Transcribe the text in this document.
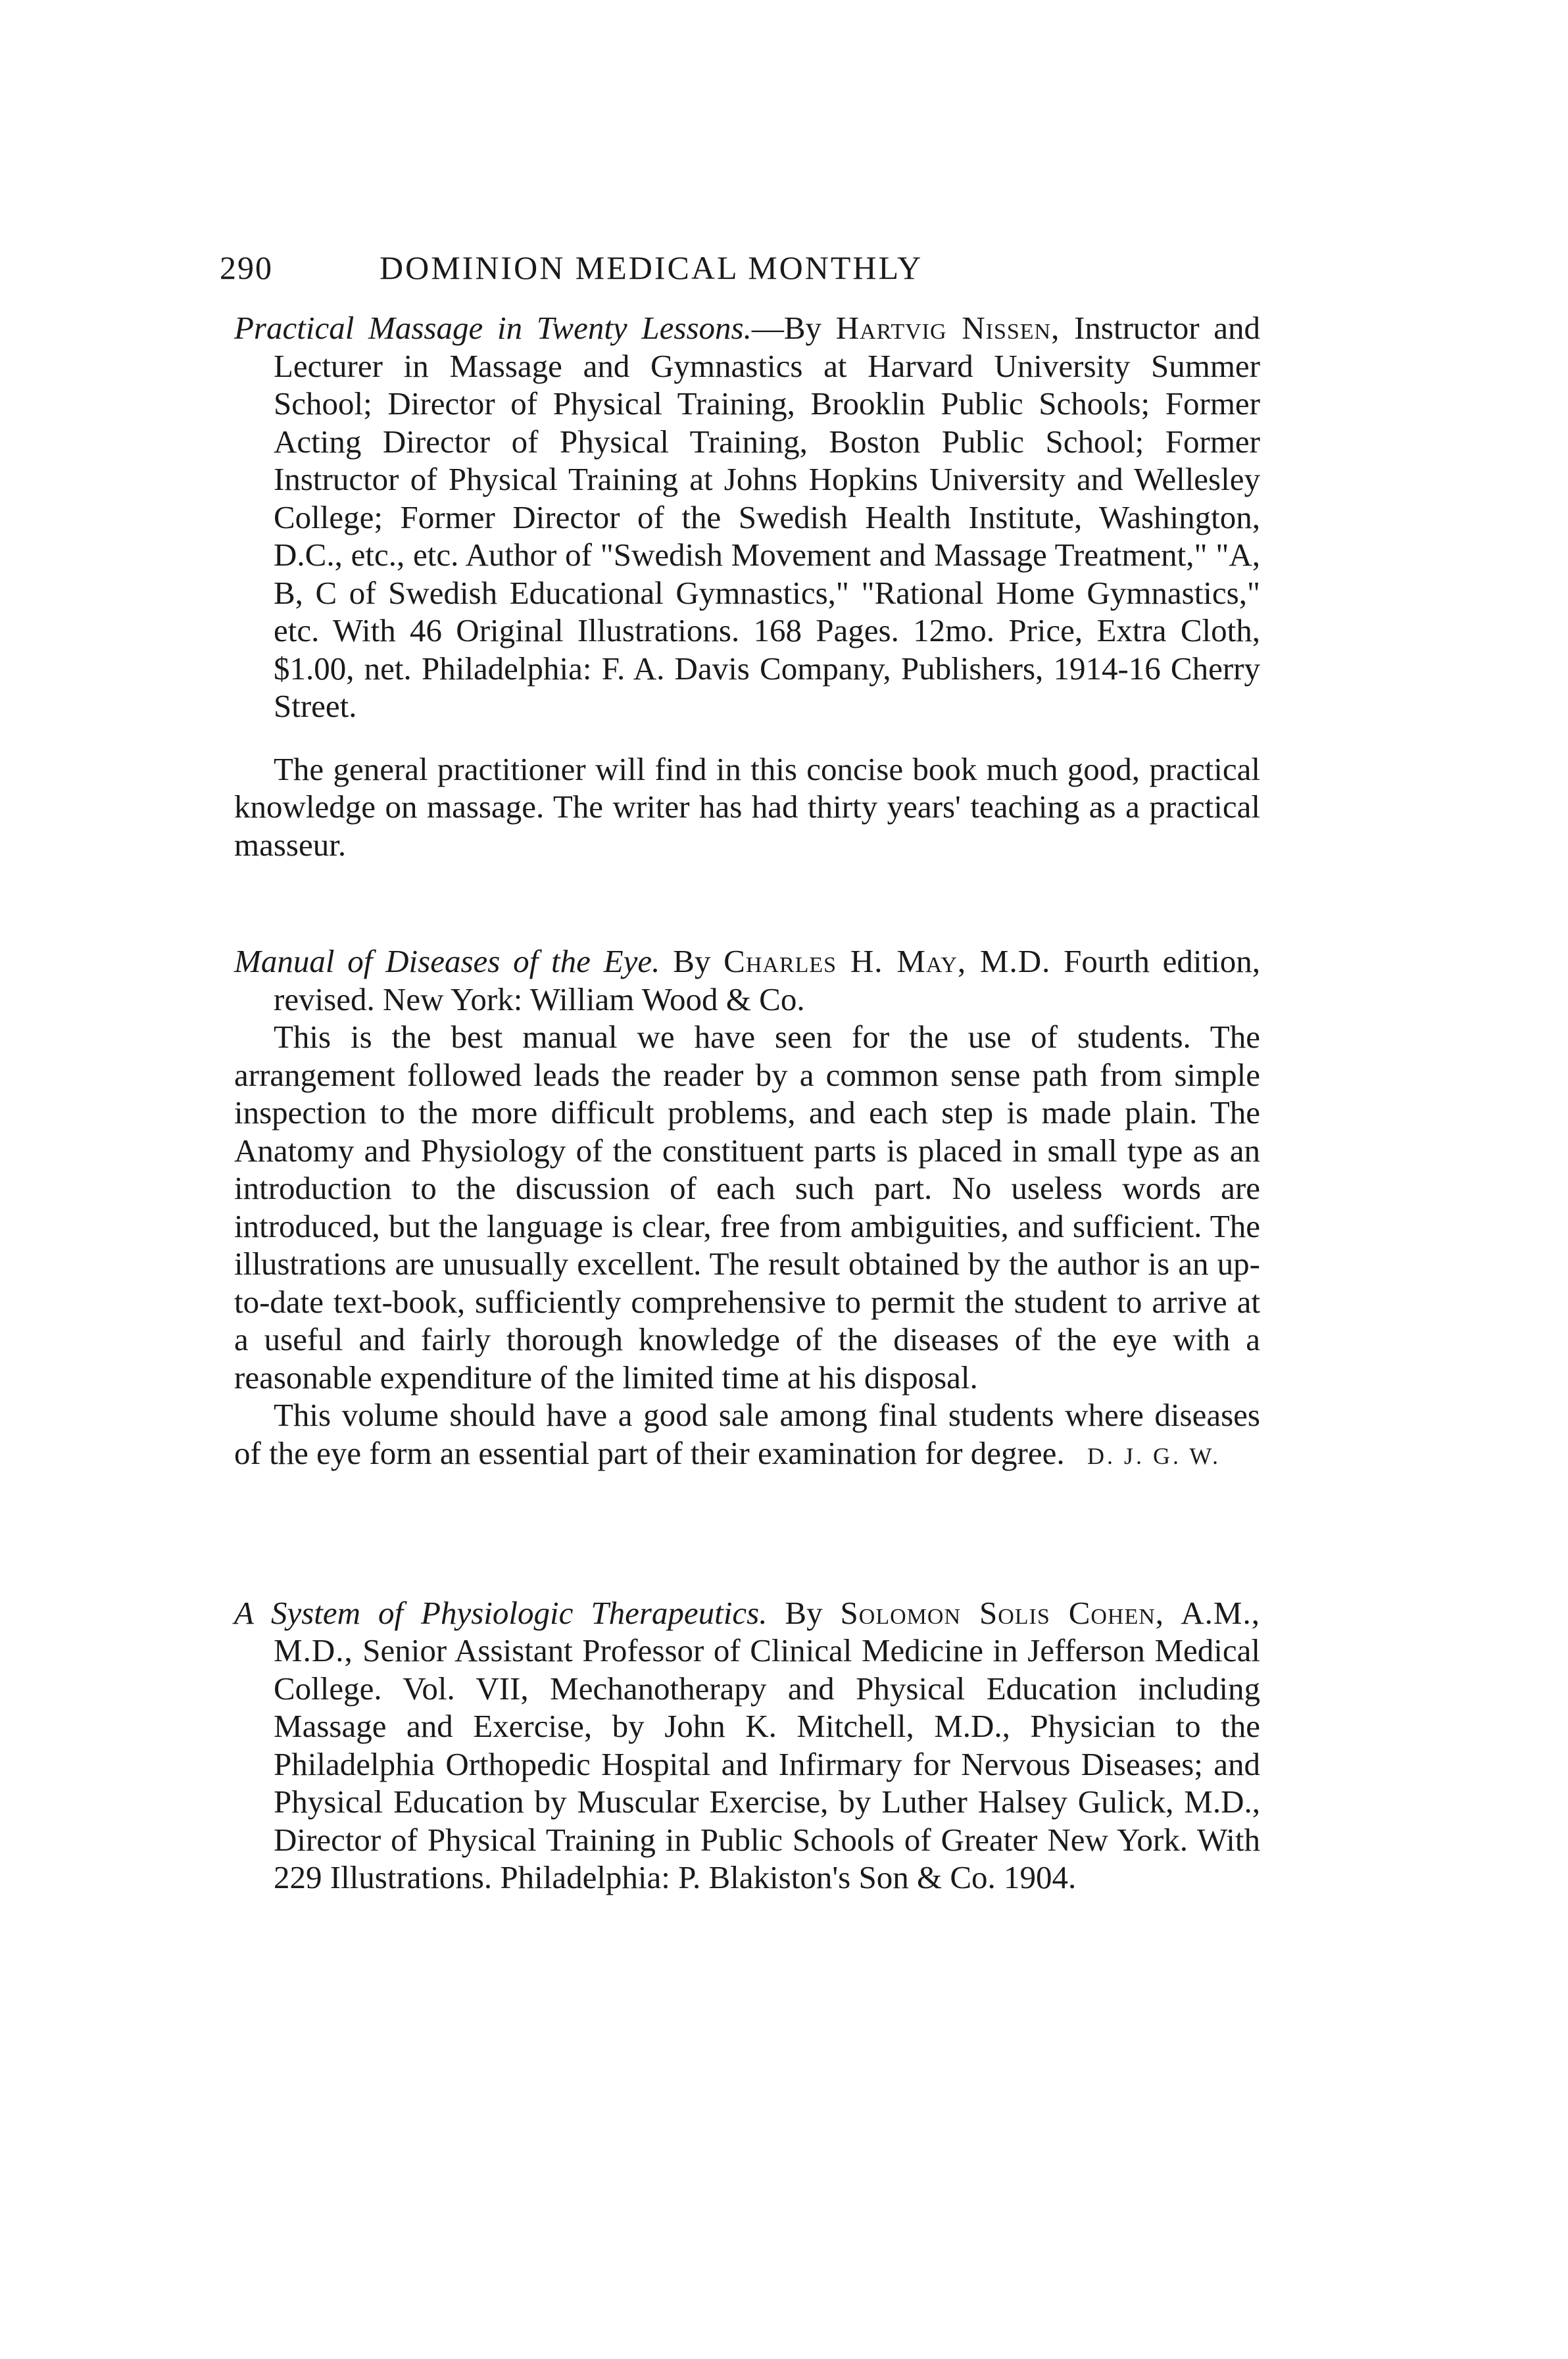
290	DOMINION MEDICAL MONTHLY

Practical Massage in Twenty Lessons.—By Hartvig Nissen, Instructor and Lecturer in Massage and Gymnastics at Harvard University Summer School; Director of Physical Training, Brooklin Public Schools; Former Acting Director of Physical Training, Boston Public School; Former Instructor of Physical Training at Johns Hopkins University and Wellesley College; Former Director of the Swedish Health Institute, Washington, D.C., etc., etc. Author of "Swedish Movement and Massage Treatment," "A, B, C of Swedish Educational Gymnastics," "Rational Home Gymnastics," etc. With 46 Original Illustrations. 168 Pages. 12mo. Price, Extra Cloth, $1.00, net. Philadelphia: F. A. Davis Company, Publishers, 1914-16 Cherry Street.

The general practitioner will find in this concise book much good, practical knowledge on massage. The writer has had thirty years' teaching as a practical masseur.

Manual of Diseases of the Eye. By Charles H. May, M.D. Fourth edition, revised. New York: William Wood & Co.

This is the best manual we have seen for the use of students. The arrangement followed leads the reader by a common sense path from simple inspection to the more difficult problems, and each step is made plain. The Anatomy and Physiology of the constituent parts is placed in small type as an introduction to the discussion of each such part. No useless words are introduced, but the language is clear, free from ambiguities, and sufficient. The illustrations are unusually excellent. The result obtained by the author is an up-to-date text-book, sufficiently comprehensive to permit the student to arrive at a useful and fairly thorough knowledge of the diseases of the eye with a reasonable expenditure of the limited time at his disposal.

This volume should have a good sale among final students where diseases of the eye form an essential part of their examination for degree. D. J. G. W.

A System of Physiologic Therapeutics. By Solomon Solis Cohen, A.M., M.D., Senior Assistant Professor of Clinical Medicine in Jefferson Medical College. Vol. VII, Mechanotherapy and Physical Education including Massage and Exercise, by John K. Mitchell, M.D., Physician to the Philadelphia Orthopedic Hospital and Infirmary for Nervous Diseases; and Physical Education by Muscular Exercise, by Luther Halsey Gulick, M.D., Director of Physical Training in Public Schools of Greater New York. With 229 Illustrations. Philadelphia: P. Blakiston's Son & Co. 1904.
